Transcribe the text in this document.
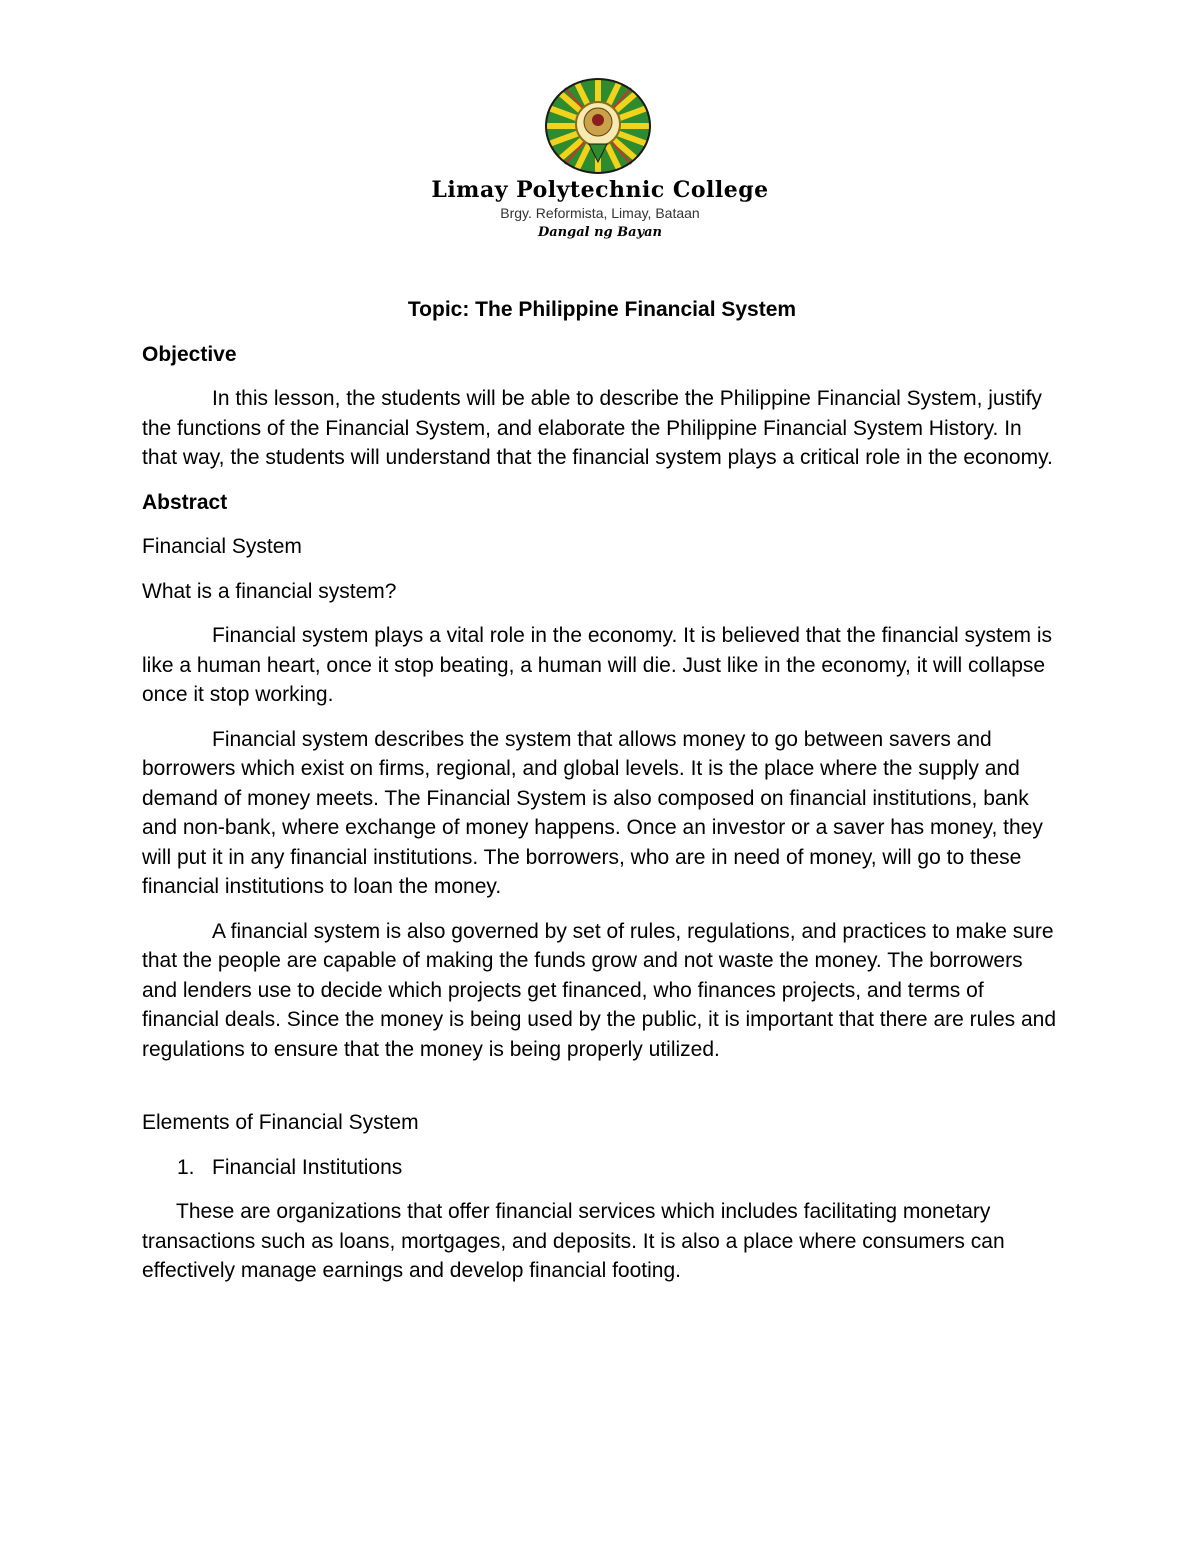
Limay Polytechnic College
Brgy. Reformista, Limay, Bataan
Dangal ng Bayan

Topic: The Philippine Financial System

Objective

In this lesson, the students will be able to describe the Philippine Financial System, justify the functions of the Financial System, and elaborate the Philippine Financial System History. In that way, the students will understand that the financial system plays a critical role in the economy.

Abstract

Financial System

What is a financial system?

Financial system plays a vital role in the economy. It is believed that the financial system is like a human heart, once it stop beating, a human will die. Just like in the economy, it will collapse once it stop working.

Financial system describes the system that allows money to go between savers and borrowers which exist on firms, regional, and global levels. It is the place where the supply and demand of money meets. The Financial System is also composed on financial institutions, bank and non-bank, where exchange of money happens. Once an investor or a saver has money, they will put it in any financial institutions. The borrowers, who are in need of money, will go to these financial institutions to loan the money.

A financial system is also governed by set of rules, regulations, and practices to make sure that the people are capable of making the funds grow and not waste the money. The borrowers and lenders use to decide which projects get financed, who finances projects, and terms of financial deals. Since the money is being used by the public, it is important that there are rules and regulations to ensure that the money is being properly utilized.

Elements of Financial System

1. Financial Institutions

These are organizations that offer financial services which includes facilitating monetary transactions such as loans, mortgages, and deposits. It is also a place where consumers can effectively manage earnings and develop financial footing.
